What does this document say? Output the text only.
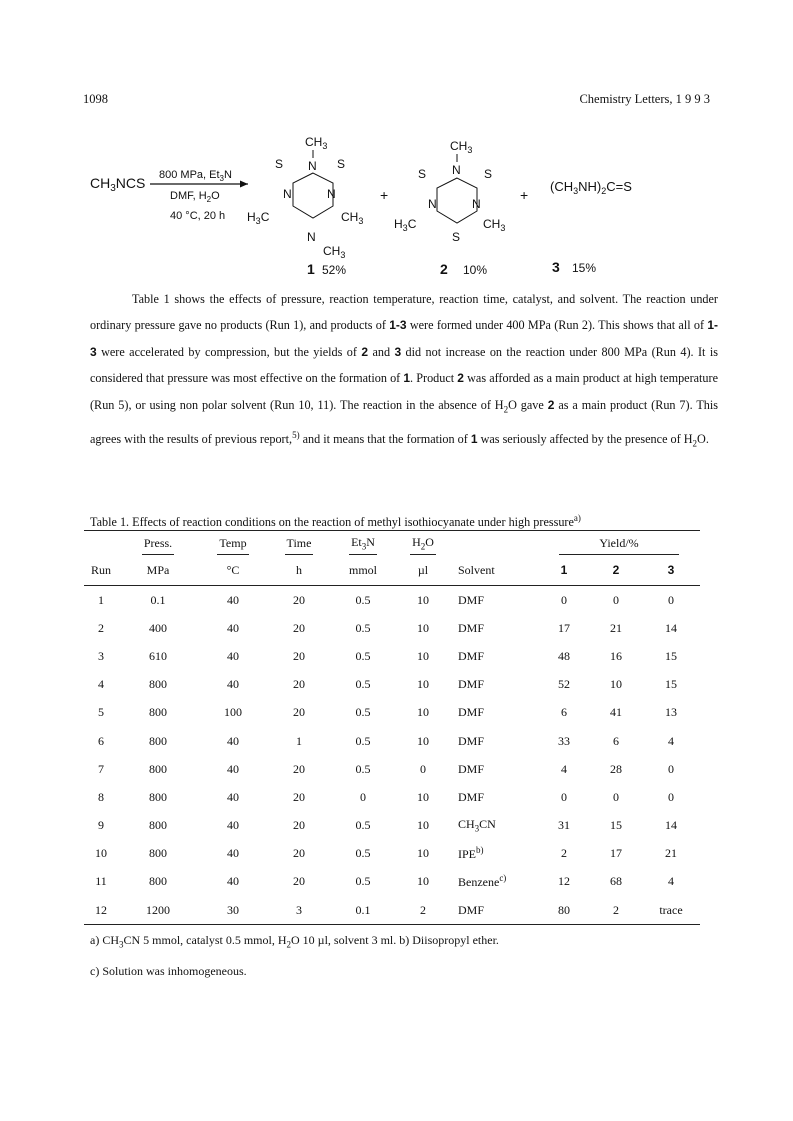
1098	Chemistry Letters, 1 9 9 3
$CH_3NCS$ 800 MPa, $Et_3N$
DMF, $H_2O$
40 °C, 20 h
$CH_3$
N
S	S
N	N
$H_3C$	$CH_3$
N
$CH_3$
+
$CH_3$
N
S	S
N	N
$H_3C$	$CH_3$
S
+
$(CH_3NH)_2C=S$
1 52%	2 10%	3 15%

Table 1 shows the effects of pressure, reaction temperature, reaction time, catalyst, and solvent. The reaction under ordinary pressure gave no products (Run 1), and products of 1-3 were formed under 400 MPa (Run 2). This shows that all of 1-3 were accelerated by compression, but the yields of 2 and 3 did not increase on the reaction under 800 MPa (Run 4). It is considered that pressure was most effective on the formation of 1. Product 2 was afforded as a main product at high temperature (Run 5), or using non polar solvent (Run 10, 11). The reaction in the absence of $H_2O$ gave 2 as a main product (Run 7). This agrees with the results of previous report,$^{5)}$ and it means that the formation of 1 was seriously affected by the presence of $H_2O$.

Table 1. Effects of reaction conditions on the reaction of methyl isothiocyanate under high pressure$^{a)}$
	Press.	Temp	Time	$Et_3N$	$H_2O$		Yield/%		
Run	MPa	°C	h	mmol	µl	Solvent	1	2	3
1	0.1	40	20	0.5	10	DMF	0	0	0
2	400	40	20	0.5	10	DMF	17	21	14
3	610	40	20	0.5	10	DMF	48	16	15
4	800	40	20	0.5	10	DMF	52	10	15
5	800	100	20	0.5	10	DMF	6	41	13
6	800	40	1	0.5	10	DMF	33	6	4
7	800	40	20	0.5	0	DMF	4	28	0
8	800	40	20	0	10	DMF	0	0	0
9	800	40	20	0.5	10	$CH_3CN$	31	15	14
10	800	40	20	0.5	10	IPE$^{b)}$	2	17	21
11	800	40	20	0.5	10	Benzene$^{c)}$	12	68	4
12	1200	30	3	0.1	2	DMF	80	2	trace
a) $CH_3CN$ 5 mmol, catalyst 0.5 mmol, $H_2O$ 10 µl, solvent 3 ml. b) Diisopropyl ether.
c) Solution was inhomogeneous.
